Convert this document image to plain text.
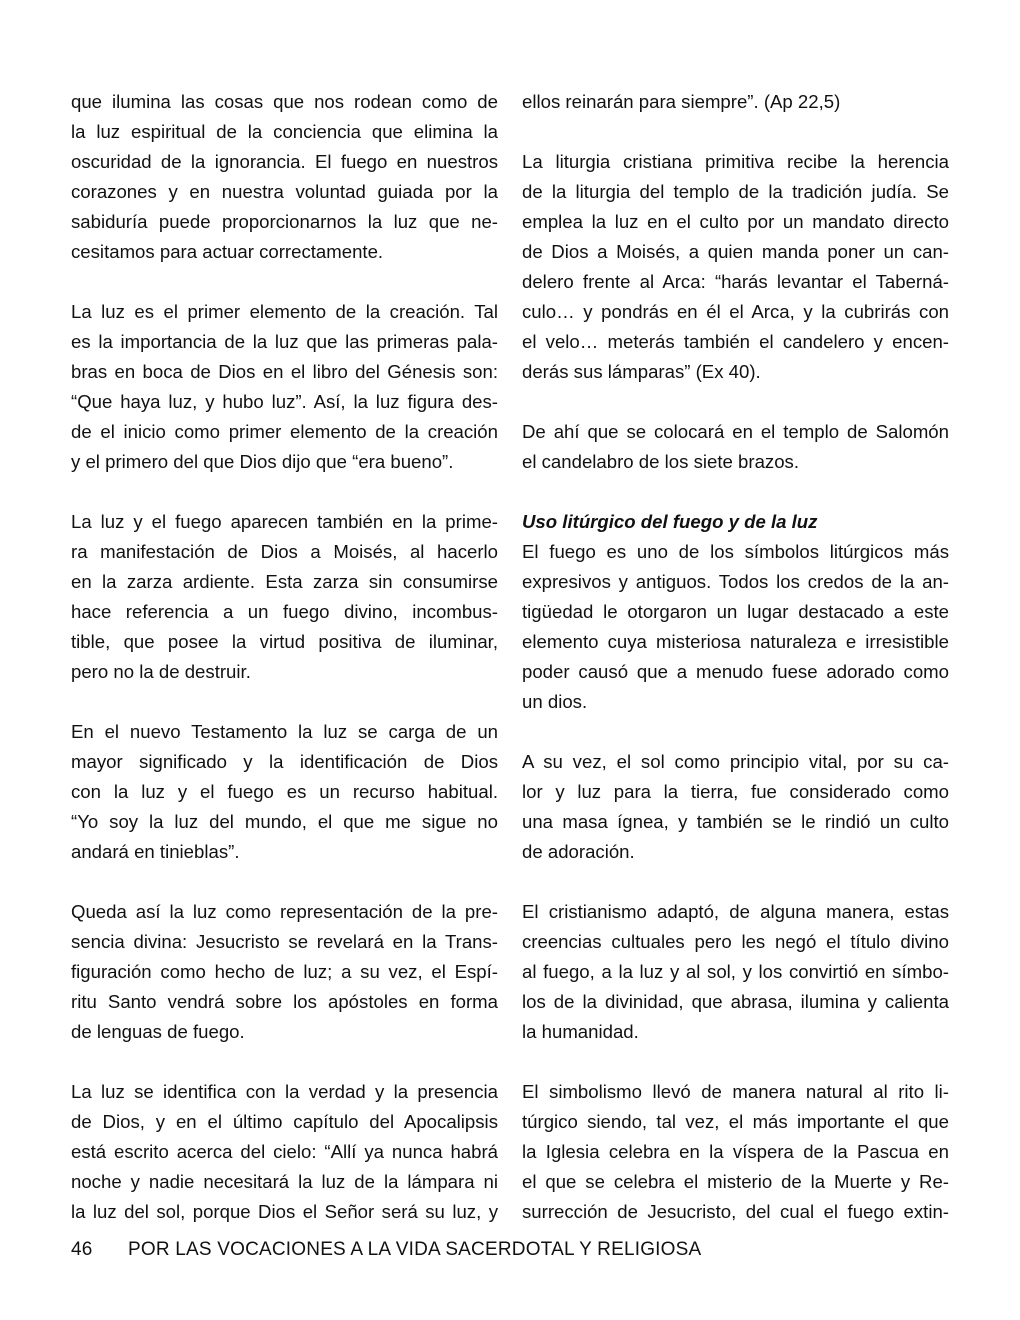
que ilumina las cosas que nos rodean como de
la luz espiritual de la conciencia que elimina la
oscuridad de la ignorancia. El fuego en nuestros
corazones y en nuestra voluntad guiada por la
sabiduría puede proporcionarnos la luz que ne-
cesitamos para actuar correctamente.
La luz es el primer elemento de la creación. Tal
es la importancia de la luz que las primeras pala-
bras en boca de Dios en el libro del Génesis son:
“Que haya luz, y hubo luz”. Así, la luz figura des-
de el inicio como primer elemento de la creación
y el primero del que Dios dijo que “era bueno”.
La luz y el fuego aparecen también en la prime-
ra manifestación de Dios a Moisés, al hacerlo
en la zarza ardiente. Esta zarza sin consumirse
hace referencia a un fuego divino, incombus-
tible, que posee la virtud positiva de iluminar,
pero no la de destruir.
En el nuevo Testamento la luz se carga de un
mayor significado y la identificación de Dios
con la luz y el fuego es un recurso habitual.
“Yo soy la luz del mundo, el que me sigue no
andará en tinieblas”.
Queda así la luz como representación de la pre-
sencia divina: Jesucristo se revelará en la Trans-
figuración como hecho de luz; a su vez, el Espí-
ritu Santo vendrá sobre los apóstoles en forma
de lenguas de fuego.
La luz se identifica con la verdad y la presencia
de Dios, y en el último capítulo del Apocalipsis
está escrito acerca del cielo: “Allí ya nunca habrá
noche y nadie necesitará la luz de la lámpara ni
la luz del sol, porque Dios el Señor será su luz, y
ellos reinarán para siempre”. (Ap 22,5)
La liturgia cristiana primitiva recibe la herencia
de la liturgia del templo de la tradición judía. Se
emplea la luz en el culto por un mandato directo
de Dios a Moisés, a quien manda poner un can-
delero frente al Arca: “harás levantar el Taberná-
culo… y pondrás en él el Arca, y la cubrirás con
el velo… meterás también el candelero y encen-
derás sus lámparas” (Ex 40).
De ahí que se colocará en el templo de Salomón
el candelabro de los siete brazos.
Uso litúrgico del fuego y de la luz
El fuego es uno de los símbolos litúrgicos más
expresivos y antiguos. Todos los credos de la an-
tigüedad le otorgaron un lugar destacado a este
elemento cuya misteriosa naturaleza e irresistible
poder causó que a menudo fuese adorado como
un dios.
A su vez, el sol como principio vital, por su ca-
lor y luz para la tierra, fue considerado como
una masa ígnea, y también se le rindió un culto
de adoración.
El cristianismo adaptó, de alguna manera, estas
creencias cultuales pero les negó el título divino
al fuego, a la luz y al sol, y los convirtió en símbo-
los de la divinidad, que abrasa, ilumina y calienta
la humanidad.
El simbolismo llevó de manera natural al rito li-
túrgico siendo, tal vez, el más importante el que
la Iglesia celebra en la víspera de la Pascua en
el que se celebra el misterio de la Muerte y Re-
surrección de Jesucristo, del cual el fuego extin-
46 POR LAS VOCACIONES A LA VIDA SACERDOTAL Y RELIGIOSA
